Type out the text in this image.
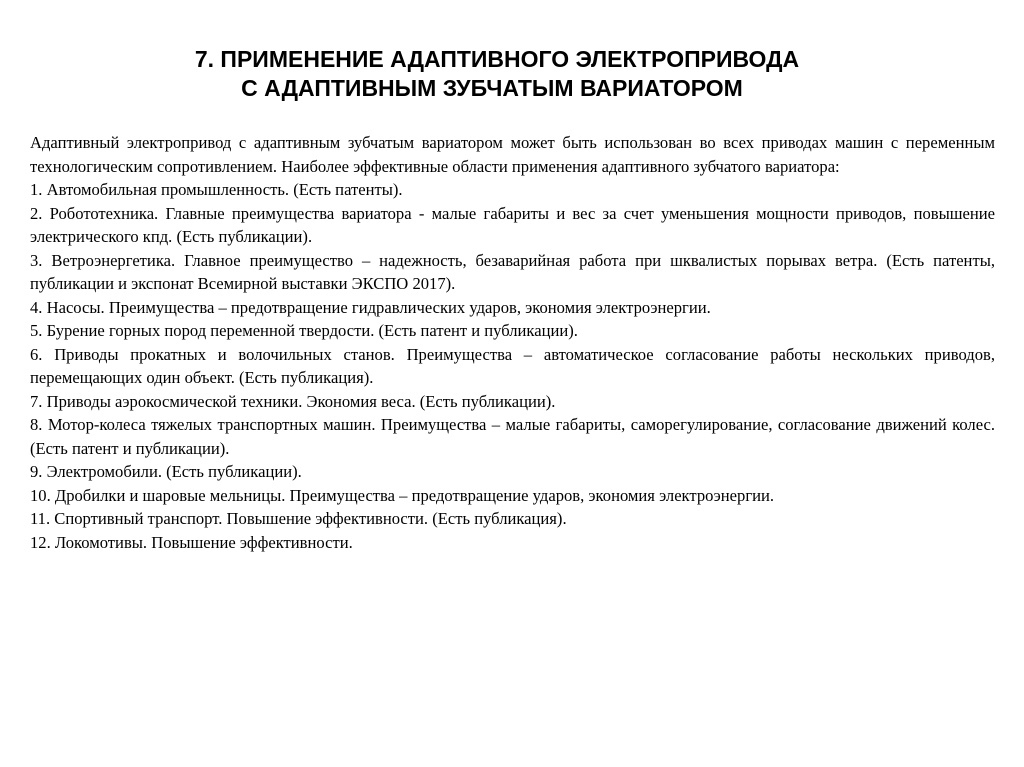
7. ПРИМЕНЕНИЕ АДАПТИВНОГО ЭЛЕКТРОПРИВОДА
С АДАПТИВНЫМ ЗУБЧАТЫМ ВАРИАТОРОМ

Адаптивный электропривод с адаптивным зубчатым вариатором может быть использован во всех приводах машин с переменным технологическим сопротивлением. Наиболее эффективные области применения адаптивного зубчатого вариатора:

1. Автомобильная промышленность. (Есть патенты).

2. Робототехника. Главные преимущества вариатора - малые габариты и вес за счет уменьшения мощности приводов, повышение электрического кпд. (Есть публикации).

3. Ветроэнергетика. Главное преимущество – надежность, безаварийная работа при шквалистых порывах ветра. (Есть патенты, публикации и экспонат Всемирной выставки ЭКСПО 2017).

4. Насосы. Преимущества – предотвращение гидравлических ударов, экономия электроэнергии.

5. Бурение горных пород переменной твердости. (Есть патент и публикации).

6. Приводы прокатных и волочильных станов. Преимущества – автоматическое согласование работы нескольких приводов, перемещающих один объект. (Есть публикация).

7. Приводы аэрокосмической техники. Экономия веса. (Есть публикации).

8. Мотор-колеса тяжелых транспортных машин. Преимущества – малые габариты, саморегулирование, согласование движений колес. (Есть патент и публикации).

9. Электромобили. (Есть публикации).

10. Дробилки и шаровые мельницы. Преимущества – предотвращение ударов, экономия электроэнергии.

11. Спортивный транспорт. Повышение эффективности. (Есть публикация).

12. Локомотивы. Повышение эффективности.
